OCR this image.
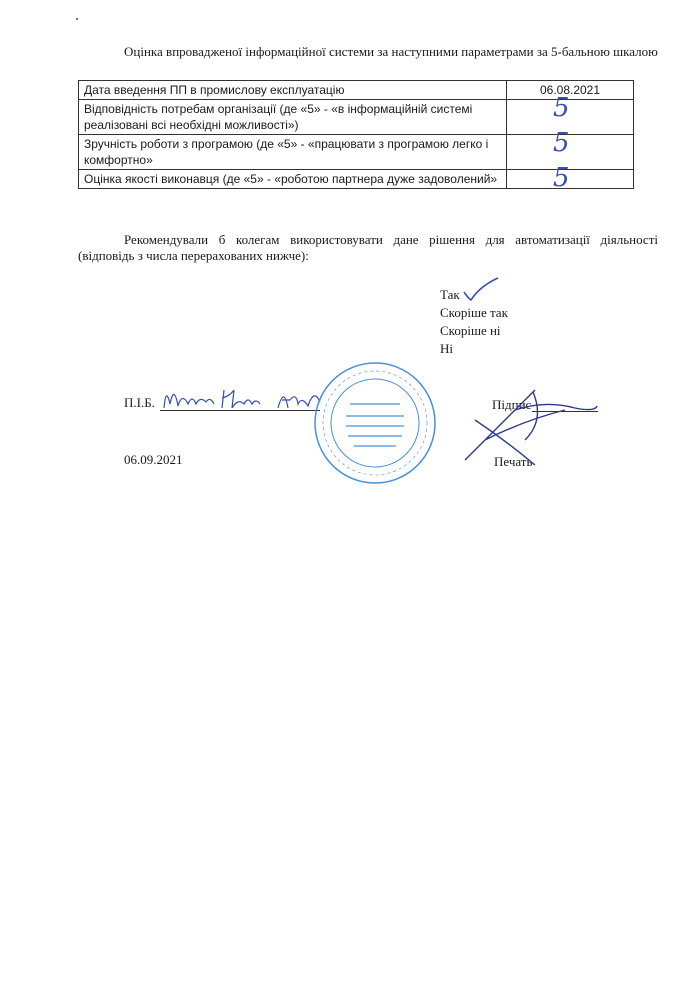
Оцінка впровадженої інформаційної системи за наступними параметрами за 5-бальною шкалою
Дата введення ПП в промислову експлуатацію	06.08.2021
Відповідність потребам організації (де «5» - «в інформаційній системі реалізовані всі необхідні можливості»)	5

Зручність роботи з програмою (де «5» - «працювати з програмою легко і комфортно»	5

Оцінка якості виконавця (де «5» - «роботою партнера дуже задоволений»	5
Рекомендували б колегам використовувати дане рішення для автоматизації діяльності (відповідь з числа перерахованих нижче):
Так
Скоріше так
Скоріше ні
Ні
П.І.Б.	Підпис
06.09.2021	Печать
